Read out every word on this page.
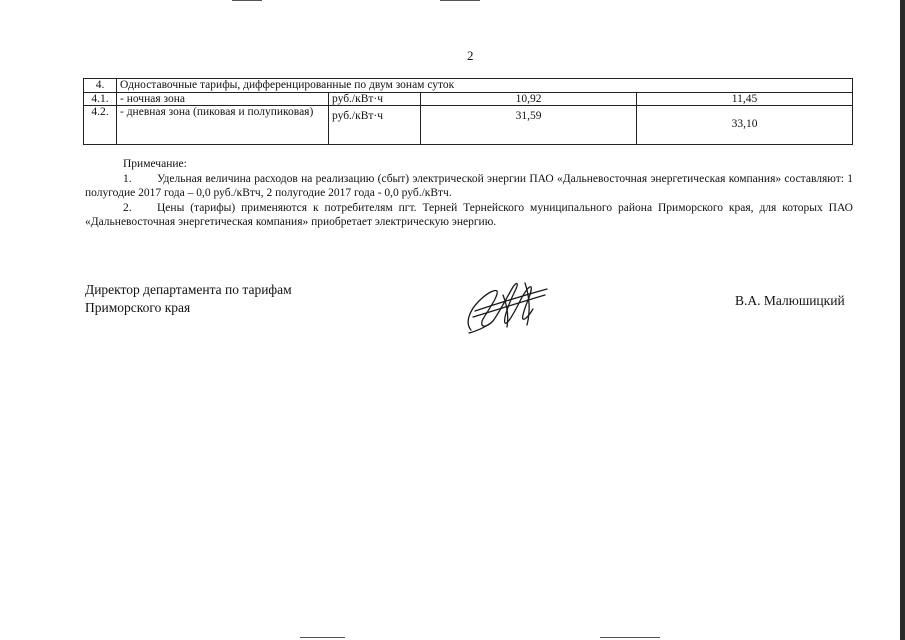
2
4.	Одноставочные тарифы, дифференцированные по двум зонам суток			
4.1.	- ночная зона	руб./кВт·ч	10,92	11,45
4.2.	- дневная зона (пиковая и полупиковая)	руб./кВт·ч	31,59	33,10

Примечание:

1. Удельная величина расходов на реализацию (сбыт) электрической энергии ПАО «Дальневосточная энергетическая компания» составляют: 1 полугодие 2017 года – 0,0 руб./кВтч, 2 полугодие 2017 года - 0,0 руб./кВтч.

2. Цены (тарифы) применяются к потребителям пгт. Терней Тернейского муниципального района Приморского края, для которых ПАО «Дальневосточная энергетическая компания» приобретает электрическую энергию.

Директор департамента по тарифам
Приморского края	В.А. Малюшицкий
